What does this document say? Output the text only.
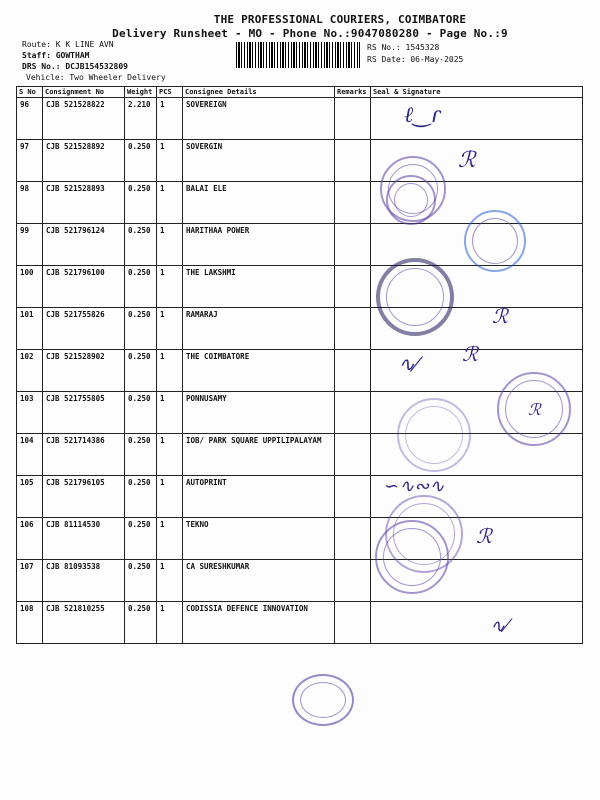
THE PROFESSIONAL COURIERS, COIMBATORE
Delivery Runsheet - MO - Phone No.:9047080280 - Page No.:9
Route: K K LINE AVN
Staff: GOWTHAM
DRS No.: DCJB154532809
Vehicle: Two Wheeler Delivery
RS No.: 1545328
RS Date: 06-May-2025
S No	Consignment No	Weight	PCS	Consignee Details	Remarks	Seal & Signature
96	CJB 521528822	2.210	1	SOVEREIGN		
97	CJB 521528892	0.250	1	SOVERGIN		
98	CJB 521528893	0.250	1	BALAI ELE		
99	CJB 521796124	0.250	1	HARITHAA POWER		
100	CJB 521796100	0.250	1	THE LAKSHMI		
101	CJB 521755826	0.250	1	RAMARAJ		
102	CJB 521528902	0.250	1	THE COIMBATORE		
103	CJB 521755805	0.250	1	PONNUSAMY		
104	CJB 521714386	0.250	1	IOB/ PARK SQUARE UPPILIPALAYAM		
105	CJB 521796105	0.250	1	AUTOPRINT		
106	CJB 81114530	0.250	1	TEKNO		
107	CJB 81093538	0.250	1	CA SURESHKUMAR		
108	CJB 521810255	0.250	1	CODISSIA DEFENCE INNOVATION		
ℓ‿ɾ
ℛ
ℛ
∿⁄ ℛ
ℛ
∽∿∾∿
ℛ
∿⁄
